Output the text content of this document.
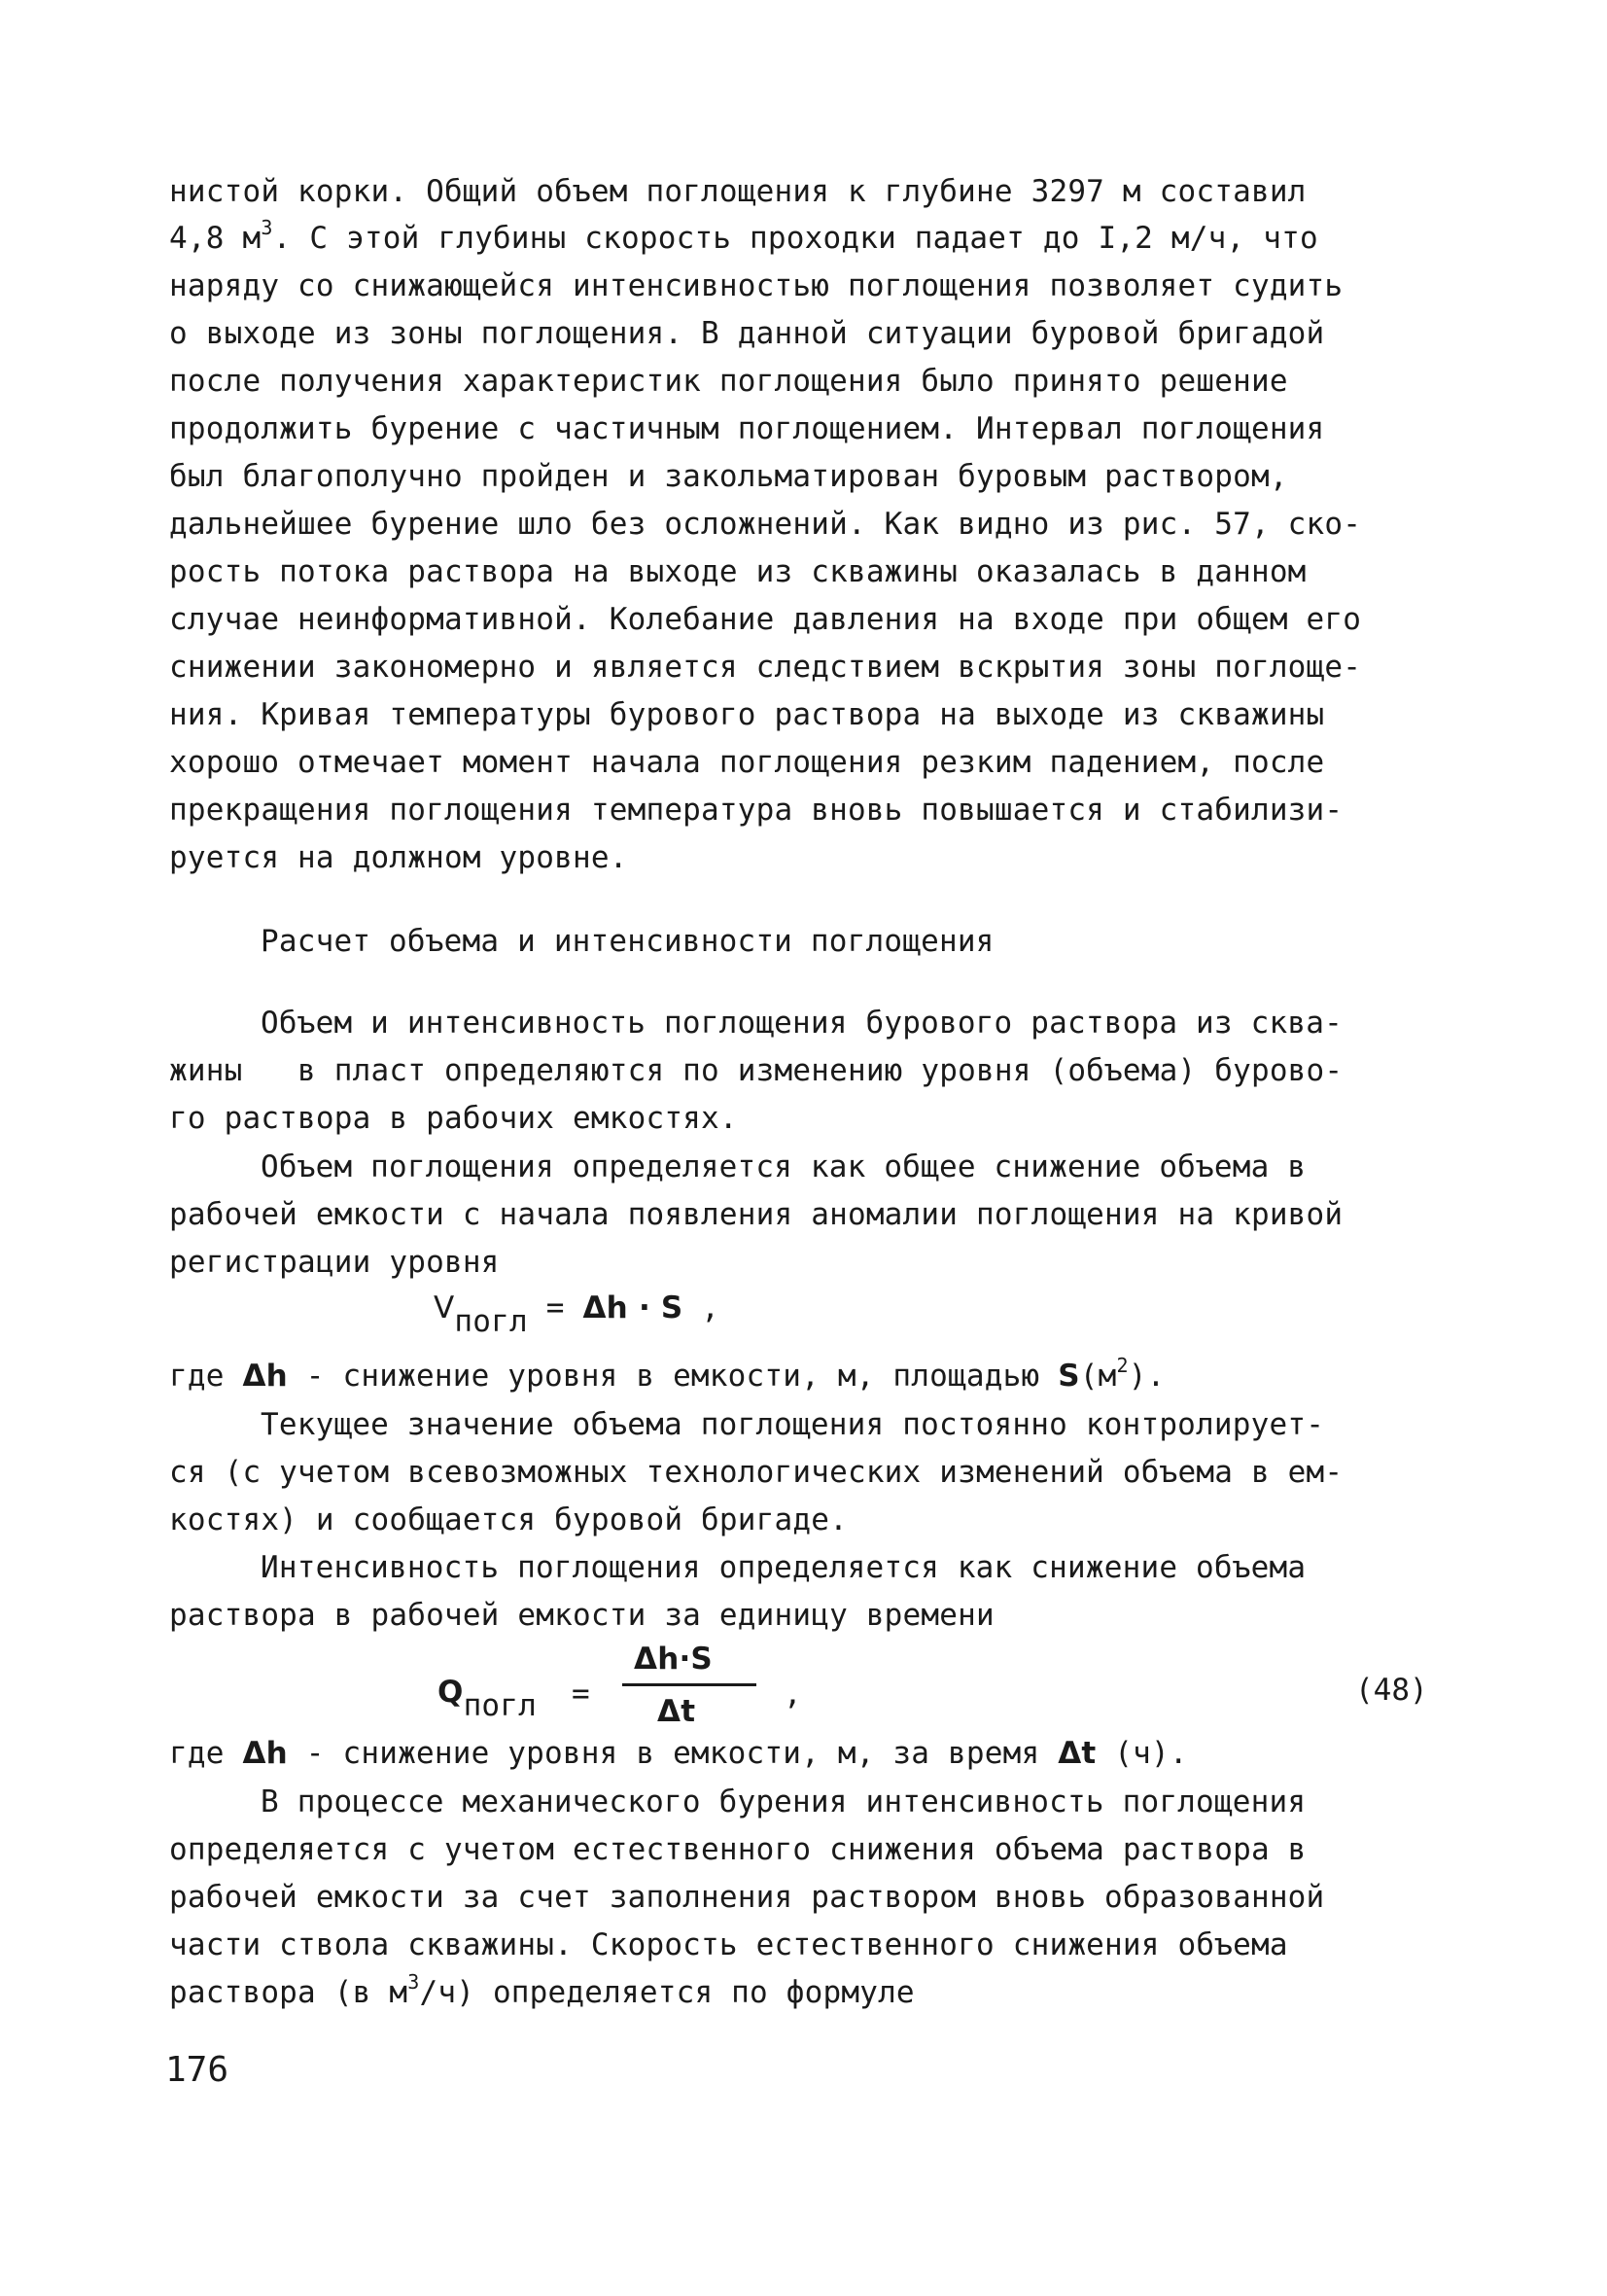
нистой корки. Общий объем поглощения к глубине 3297 м составил
4,8 $м^3$. С этой глубины скорость проходки падает до I,2 м/ч, что
наряду со снижающейся интенсивностью поглощения позволяет судить
о выходе из зоны поглощения. В данной ситуации буровой бригадой
после получения характеристик поглощения было принято решение
продолжить бурение с частичным поглощением. Интервал поглощения
был благополучно пройден и закольматирован буровым раствором,
дальнейшее бурение шло без осложнений. Как видно из рис. 57, ско-
рость потока раствора на выходе из скважины оказалась в данном
случае неинформативной. Колебание давления на входе при общем его
снижении закономерно и является следствием вскрытия зоны поглоще-
ния. Кривая температуры бурового раствора на выходе из скважины
хорошо отмечает момент начала поглощения резким падением, после
прекращения поглощения температура вновь повышается и стабилизи-
руется на должном уровне.
Расчет объема и интенсивности поглощения
Объем и интенсивность поглощения бурового раствора из сква-
жины   в пласт определяются по изменению уровня (объема) бурово-
го раствора в рабочих емкостях.
Объем поглощения определяется как общее снижение объема в
рабочей емкости с начала появления аномалии поглощения на кривой
регистрации уровня
Vпогл = Δh · S ,
где Δh - снижение уровня в емкости, м, площадью $S(м^2)$.
Текущее значение объема поглощения постоянно контролирует-
ся (с учетом всевозможных технологических изменений объема в ем-
костях) и сообщается буровой бригаде.
Интенсивность поглощения определяется как снижение объема
раствора в рабочей емкости за единицу времени
Qпогл =
Δh·S
Δt	,	(48)
где Δh - снижение уровня в емкости, м, за время Δt (ч).
В процессе механического бурения интенсивность поглощения
определяется с учетом естественного снижения объема раствора в
рабочей емкости за счет заполнения раствором вновь образованной
части ствола скважины. Скорость естественного снижения объема
раствора (в $м^3/ч$) определяется по формуле
176
